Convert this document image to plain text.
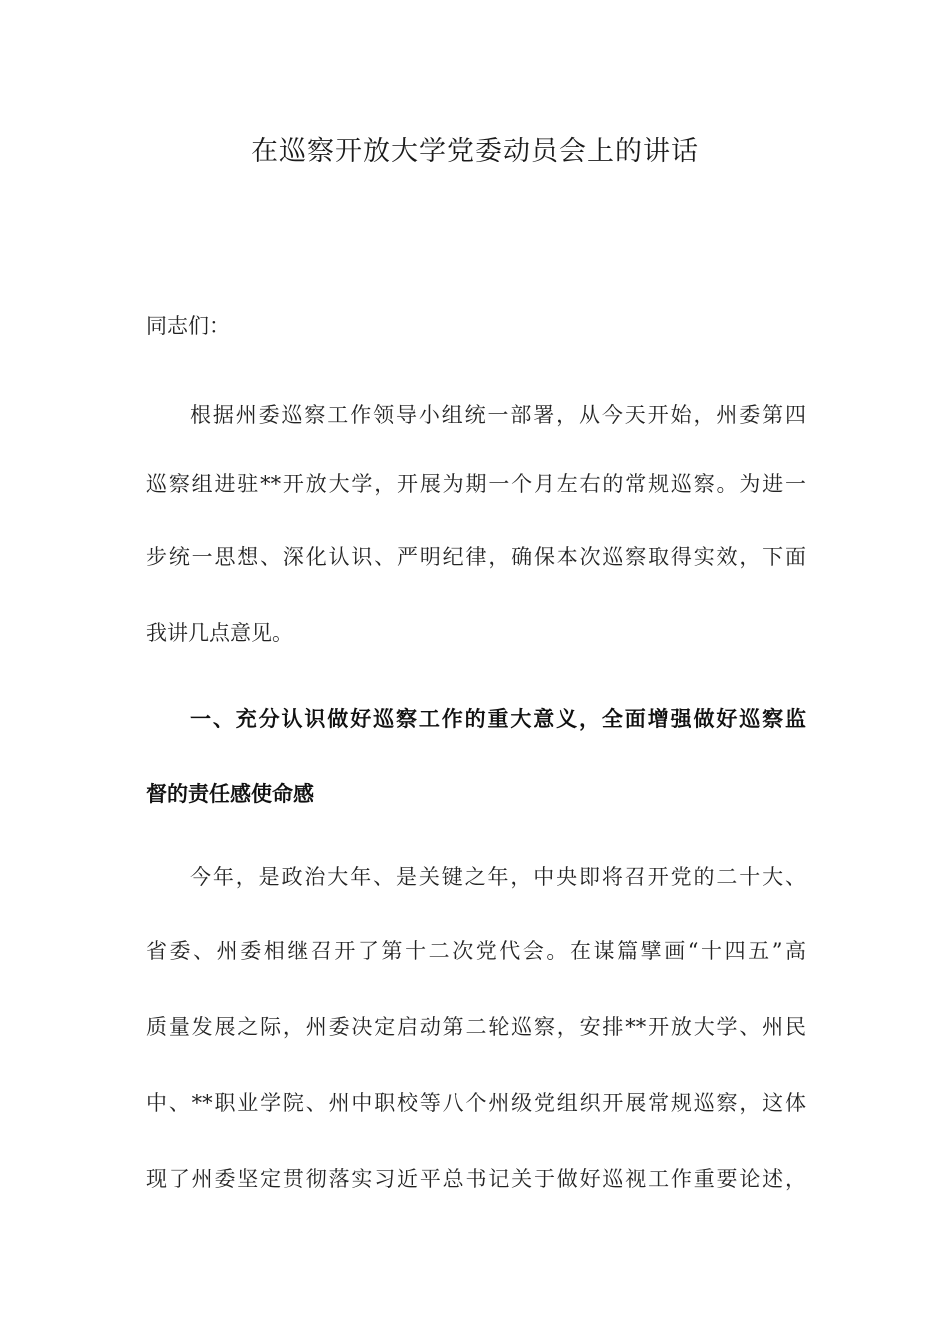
在巡察开放大学党委动员会上的讲话
同志们：
根据州委巡察工作领导小组统一部署，从今天开始，州委第四
巡察组进驻**开放大学，开展为期一个月左右的常规巡察。为进一
步统一思想、深化认识、严明纪律，确保本次巡察取得实效，下面
我讲几点意见。
一、充分认识做好巡察工作的重大意义，全面增强做好巡察监
督的责任感使命感
今年，是政治大年、是关键之年，中央即将召开党的二十大、
省委、州委相继召开了第十二次党代会。在谋篇擘画“十四五”高
质量发展之际，州委决定启动第二轮巡察，安排**开放大学、州民
中、**职业学院、州中职校等八个州级党组织开展常规巡察，这体
现了州委坚定贯彻落实习近平总书记关于做好巡视工作重要论述，
